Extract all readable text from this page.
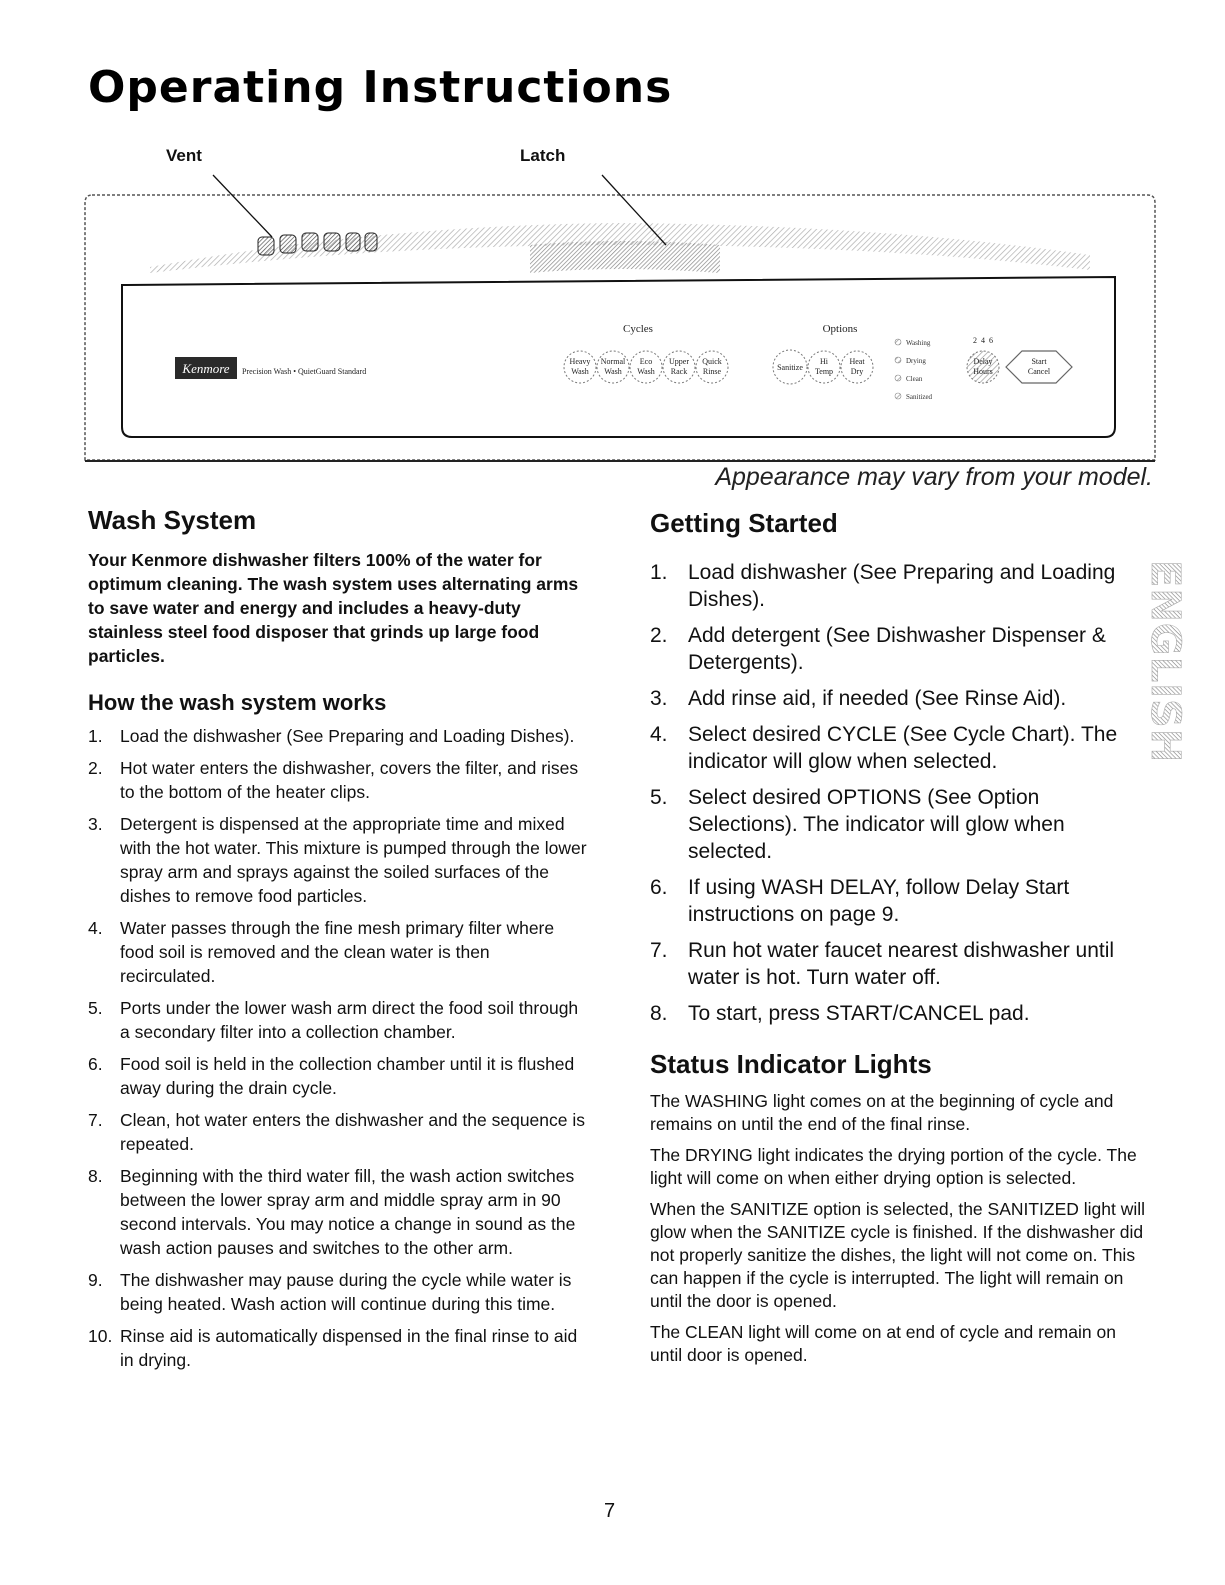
Operating Instructions
Vent	Latch
Kenmore Precision Wash • QuietGuard Standard
Cycles	Options
Heavy
Wash
Normal
Wash
Eco
Wash
Upper
Rack
Quick
Rinse	Sanitize
Hi
Temp
Heat
Dry
Washing
Drying
Clean
Sanitized
2  4  6
Delay
Hours
Start
Cancel
Appearance may vary from your model.
Wash System

Your Kenmore dishwasher filters 100% of the water for optimum cleaning. The wash system uses alternating arms to save water and energy and includes a heavy-duty stainless steel food disposer that grinds up large food particles.

How the wash system works
1. Load the dishwasher (See Preparing and Loading Dishes).
2. Hot water enters the dishwasher, covers the filter, and rises to the bottom of the heater clips.
3. Detergent is dispensed at the appropriate time and mixed with the hot water. This mixture is pumped through the lower spray arm and sprays against the soiled surfaces of the dishes to remove food particles.
4. Water passes through the fine mesh primary filter where food soil is removed and the clean water is then recirculated.
5. Ports under the lower wash arm direct the food soil through a secondary filter into a collection chamber.
6. Food soil is held in the collection chamber until it is flushed away during the drain cycle.
7. Clean, hot water enters the dishwasher and the sequence is repeated.
8. Beginning with the third water fill, the wash action switches between the lower spray arm and middle spray arm in 90 second intervals. You may notice a change in sound as the wash action pauses and switches to the other arm.
9. The dishwasher may pause during the cycle while water is being heated. Wash action will continue during this time.
10. Rinse aid is automatically dispensed in the final rinse to aid in drying.
Getting Started
1. Load dishwasher (See Preparing and Loading Dishes).
2. Add detergent (See Dishwasher Dispenser & Detergents).
3. Add rinse aid, if needed (See Rinse Aid).
4. Select desired CYCLE (See Cycle Chart). The indicator will glow when selected.
5. Select desired OPTIONS (See Option Selections). The indicator will glow when selected.
6. If using WASH DELAY, follow Delay Start instructions on page 9.
7. Run hot water faucet nearest dishwasher until water is hot. Turn water off.
8. To start, press START/CANCEL pad.
Status Indicator Lights

The WASHING light comes on at the beginning of cycle and remains on until the end of the final rinse.

The DRYING light indicates the drying portion of the cycle. The light will come on when either drying option is selected.

When the SANITIZE option is selected, the SANITIZED light will glow when the SANITIZE cycle is finished. If the dishwasher did not properly sanitize the dishes, the light will not come on. This can happen if the cycle is interrupted. The light will remain on until the door is opened.

The CLEAN light will come on at end of cycle and remain on until door is opened.

ENGLISH
7
